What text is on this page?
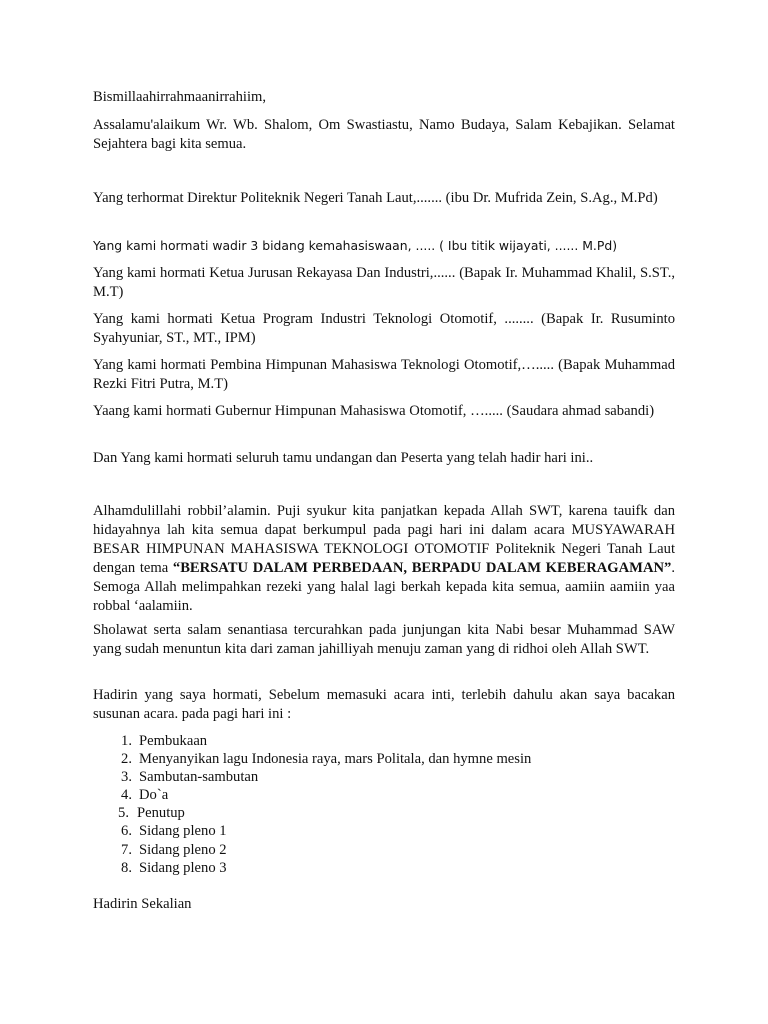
Bismillaahirrahmaanirrahiim,

Assalamu'alaikum Wr. Wb. Shalom, Om Swastiastu, Namo Budaya, Salam Kebajikan. Selamat Sejahtera bagi kita semua.

Yang terhormat Direktur Politeknik Negeri Tanah Laut,....... (ibu Dr. Mufrida Zein, S.Ag., M.Pd)

Yang kami hormati wadir 3 bidang kemahasiswaan, ..... ( Ibu titik wijayati, ...... M.Pd)

Yang kami hormati Ketua Jurusan Rekayasa Dan Industri,...... (Bapak Ir. Muhammad Khalil, S.ST., M.T)

Yang kami hormati Ketua Program Industri Teknologi Otomotif, ........ (Bapak Ir. Rusuminto Syahyuniar, ST., MT., IPM)

Yang kami hormati Pembina Himpunan Mahasiswa Teknologi Otomotif,…..... (Bapak Muhammad Rezki Fitri Putra, M.T)

Yaang kami hormati Gubernur Himpunan Mahasiswa Otomotif, …..... (Saudara ahmad sabandi)

Dan Yang kami hormati seluruh tamu undangan dan Peserta yang telah hadir hari ini..

Alhamdulillahi robbil’alamin. Puji syukur kita panjatkan kepada Allah SWT, karena tauifk dan hidayahnya lah kita semua dapat berkumpul pada pagi hari ini dalam acara MUSYAWARAH BESAR HIMPUNAN MAHASISWA TEKNOLOGI OTOMOTIF Politeknik Negeri Tanah Laut dengan tema “BERSATU DALAM PERBEDAAN, BERPADU DALAM KEBERAGAMAN”. Semoga Allah melimpahkan rezeki yang halal lagi berkah kepada kita semua, aamiin aamiin yaa robbal ‘aalamiin.

Sholawat serta salam senantiasa tercurahkan pada junjungan kita Nabi besar Muhammad SAW yang sudah menuntun kita dari zaman jahilliyah menuju zaman yang di ridhoi oleh Allah SWT.

Hadirin yang saya hormati, Sebelum memasuki acara inti, terlebih dahulu akan saya bacakan susunan acara. pada pagi hari ini :

1. Pembukaan
2. Menyanyikan lagu Indonesia raya, mars Politala, dan hymne mesin
3. Sambutan-sambutan
4. Do`a
5. Penutup
6. Sidang pleno 1
7. Sidang pleno 2
8. Sidang pleno 3

Hadirin Sekalian
